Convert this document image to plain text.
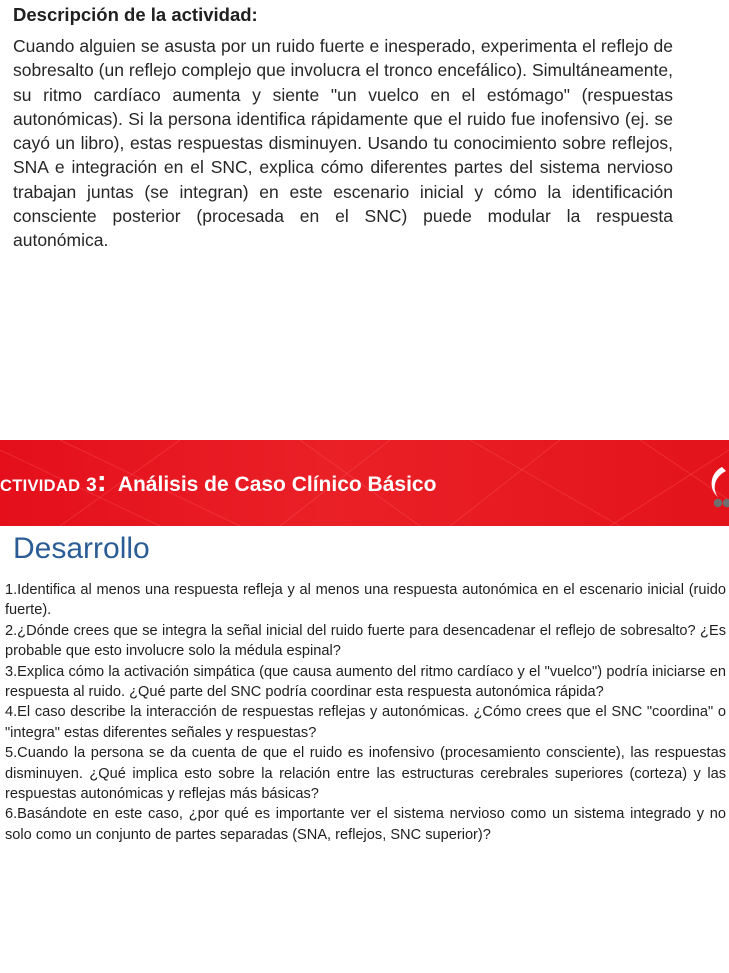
Descripción de la actividad:

Cuando alguien se asusta por un ruido fuerte e inesperado, experimenta el reflejo de sobresalto (un reflejo complejo que involucra el tronco encefálico). Simultáneamente, su ritmo cardíaco aumenta y siente "un vuelco en el estómago" (respuestas autonómicas). Si la persona identifica rápidamente que el ruido fue inofensivo (ej. se cayó un libro), estas respuestas disminuyen. Usando tu conocimiento sobre reflejos, SNA e integración en el SNC, explica cómo diferentes partes del sistema nervioso trabajan juntas (se integran) en este escenario inicial y cómo la identificación consciente posterior (procesada en el SNC) puede modular la respuesta autonómica.

CTIVIDAD 3: Análisis de Caso Clínico Básico
Desarrollo
1.Identifica al menos una respuesta refleja y al menos una respuesta autonómica en el escenario inicial (ruido fuerte).
2.¿Dónde crees que se integra la señal inicial del ruido fuerte para desencadenar el reflejo de sobresalto? ¿Es probable que esto involucre solo la médula espinal?
3.Explica cómo la activación simpática (que causa aumento del ritmo cardíaco y el "vuelco") podría iniciarse en respuesta al ruido. ¿Qué parte del SNC podría coordinar esta respuesta autonómica rápida?
4.El caso describe la interacción de respuestas reflejas y autonómicas. ¿Cómo crees que el SNC "coordina" o "integra" estas diferentes señales y respuestas?
5.Cuando la persona se da cuenta de que el ruido es inofensivo (procesamiento consciente), las respuestas disminuyen. ¿Qué implica esto sobre la relación entre las estructuras cerebrales superiores (corteza) y las respuestas autonómicas y reflejas más básicas?
6.Basándote en este caso, ¿por qué es importante ver el sistema nervioso como un sistema integrado y no solo como un conjunto de partes separadas (SNA, reflejos, SNC superior)?
